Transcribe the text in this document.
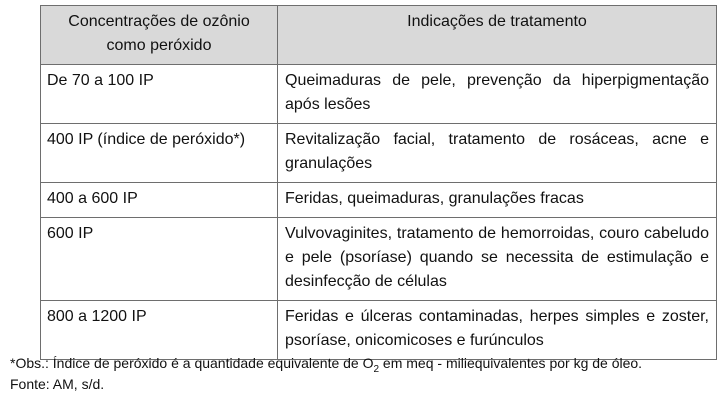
Concentrações de ozônio como peróxido	Indicações de tratamento
De 70 a 100 IP	Queimaduras de pele, prevenção da hiperpigmentação após lesões
400 IP (índice de peróxido*)	Revitalização facial, tratamento de rosáceas, acne e granulações
400 a 600 IP	Feridas, queimaduras, granulações fracas
600 IP	Vulvovaginites, tratamento de hemorroidas, couro cabeludo e pele (psoríase) quando se necessita de estimulação e desinfecção de células
800 a 1200 IP	Feridas e úlceras contaminadas, herpes simples e zoster, psoríase, onicomicoses e furúnculos
*Obs.: Índice de peróxido é a quantidade equivalente de $O_2$ em meq - miliequivalentes por kg de óleo.
Fonte: AM, s/d.
